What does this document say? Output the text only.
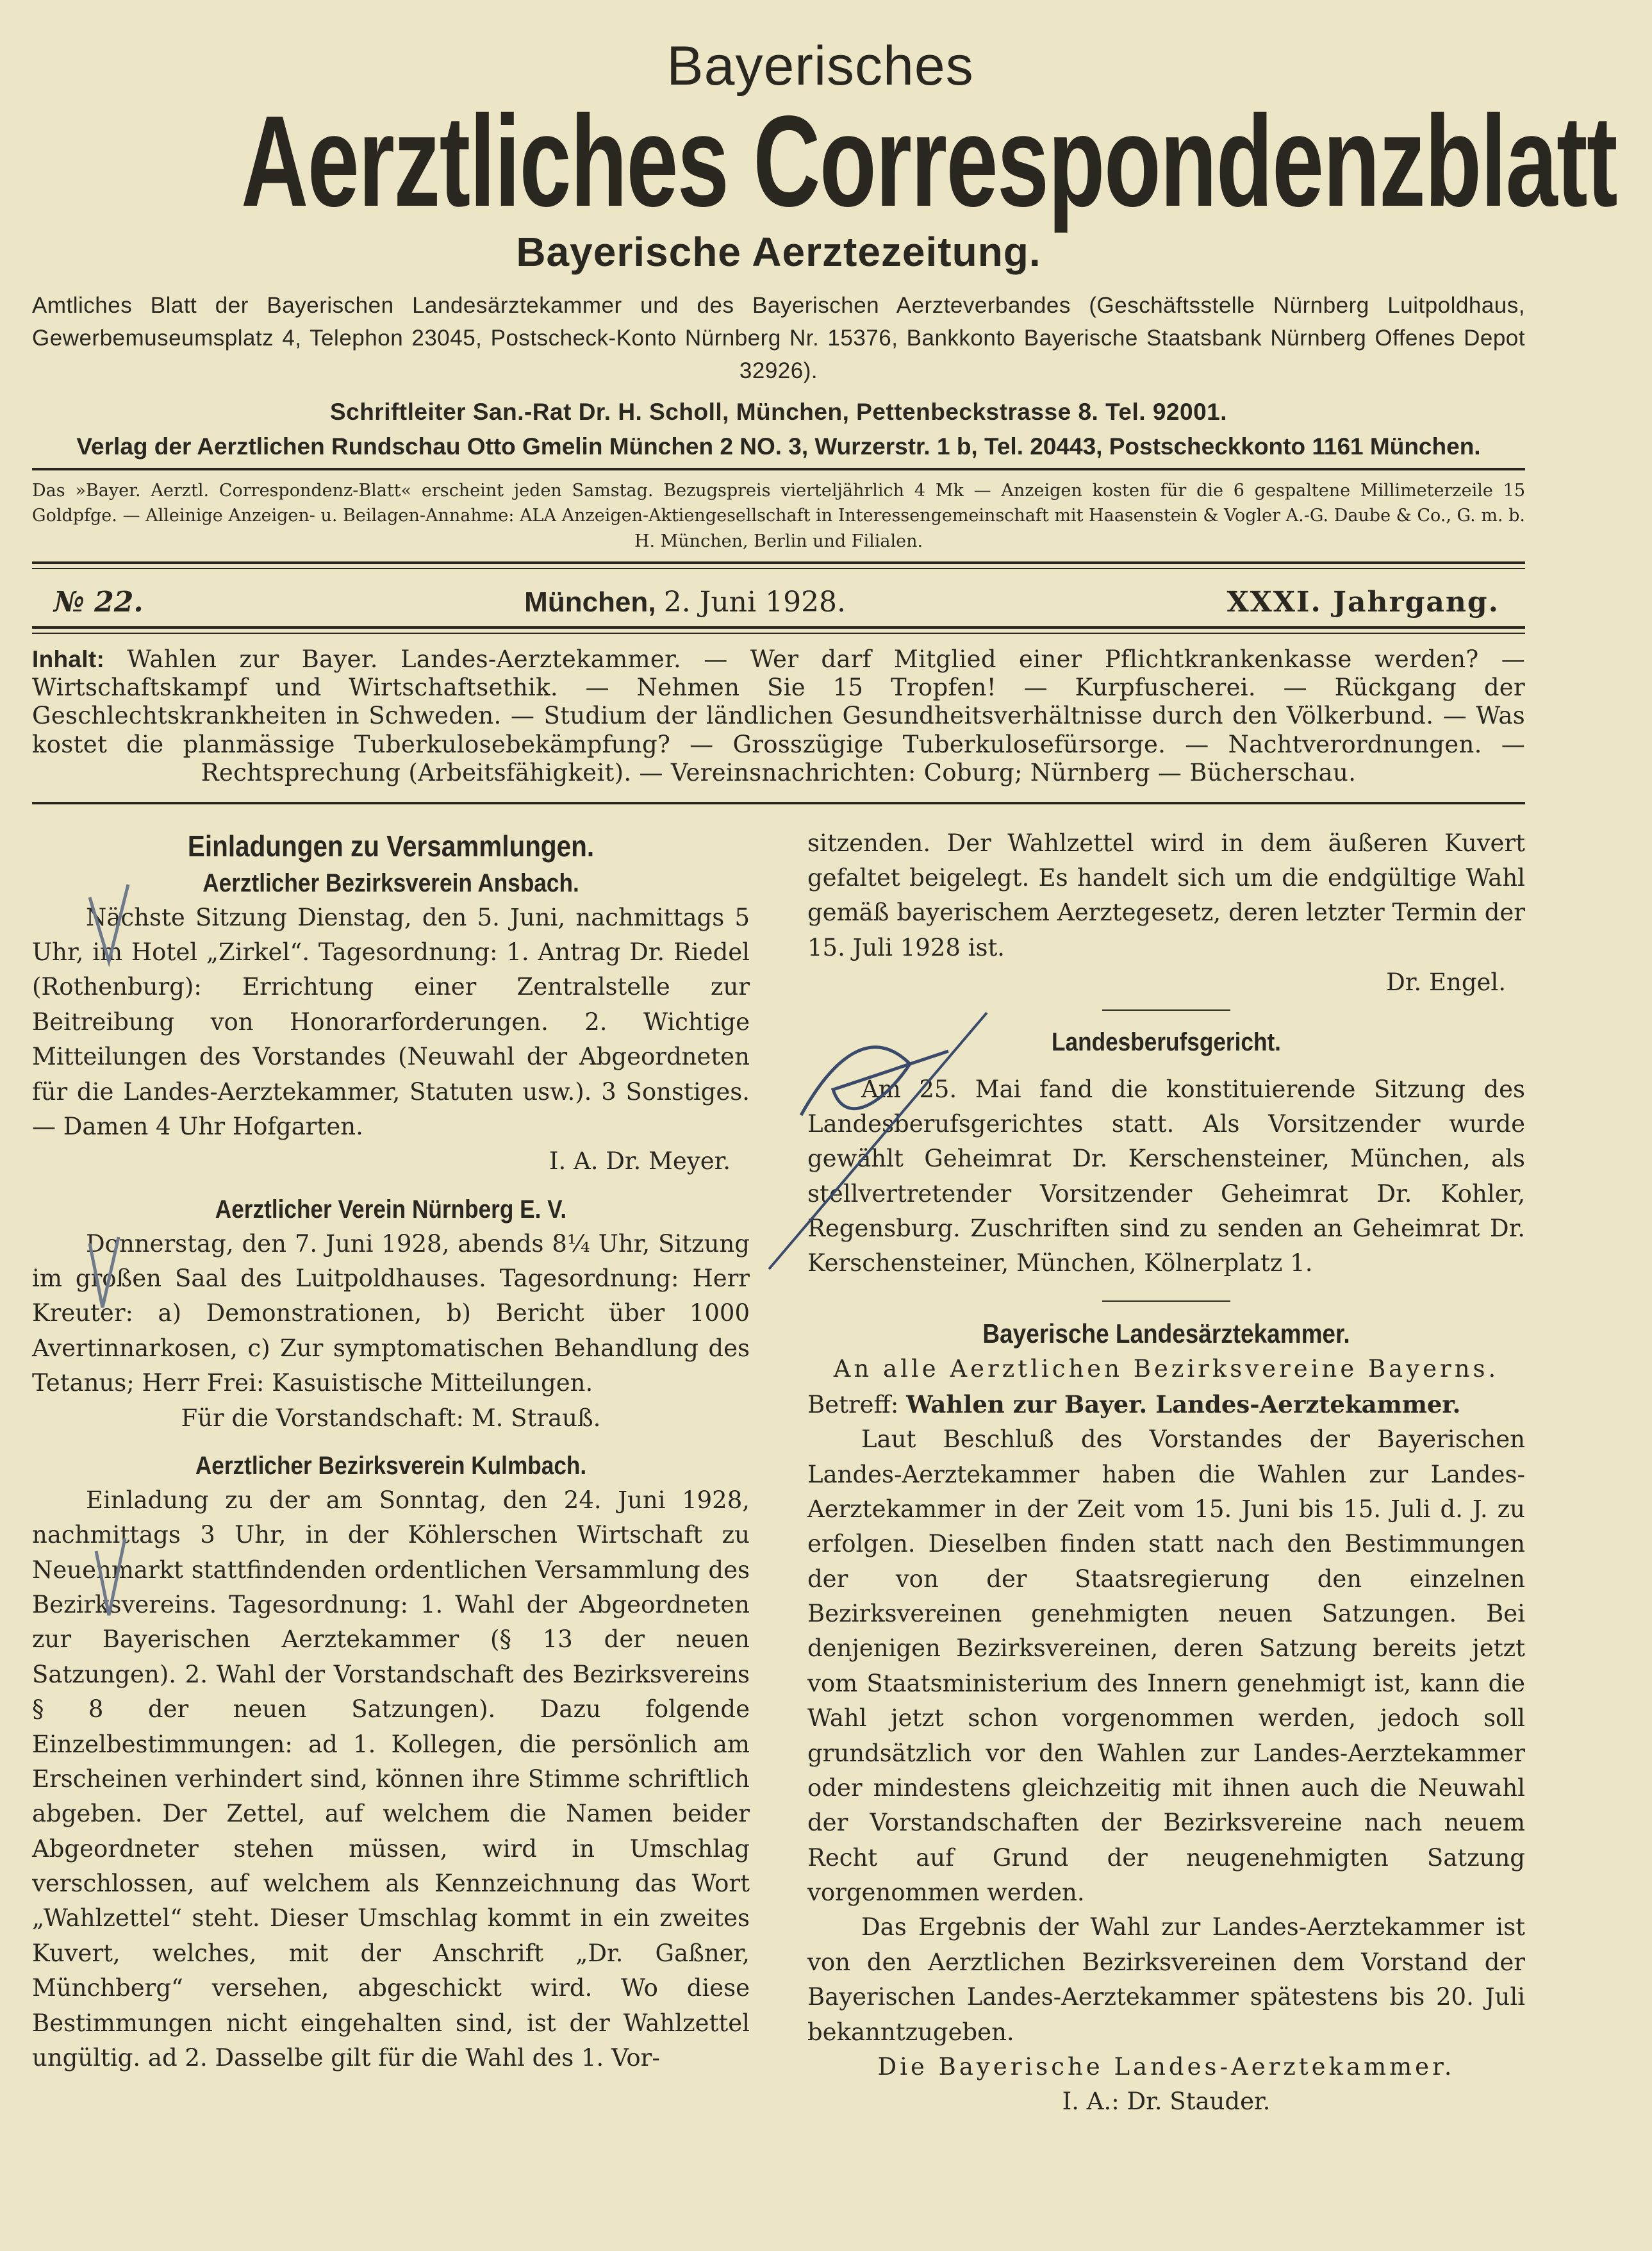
Bayerisches
Aerztliches Correspondenzblatt
Bayerische Aerztezeitung.
Amtliches Blatt der Bayerischen Landesärztekammer und des Bayerischen Aerzteverbandes (Geschäftsstelle Nürnberg Luitpoldhaus, Gewerbemuseumsplatz 4, Telephon 23045, Postscheck-Konto Nürnberg Nr. 15376, Bankkonto Bayerische Staatsbank Nürnberg Offenes Depot 32926).
Schriftleiter San.-Rat Dr. H. Scholl, München, Pettenbeckstrasse 8. Tel. 92001.
Verlag der Aerztlichen Rundschau Otto Gmelin München 2 NO. 3, Wurzerstr. 1 b, Tel. 20443, Postscheckkonto 1161 München.
Das »Bayer. Aerztl. Correspondenz-Blatt« erscheint jeden Samstag. Bezugspreis vierteljährlich 4 Mk — Anzeigen kosten für die 6 gespaltene Millimeterzeile 15 Goldpfge. — Alleinige Anzeigen- u. Beilagen-Annahme: ALA Anzeigen-Aktiengesellschaft in Interessengemeinschaft mit Haasenstein & Vogler A.-G. Daube & Co., G. m. b. H. München, Berlin und Filialen.
№ 22.	München, 2. Juni 1928.	XXXI. Jahrgang.
Inhalt: Wahlen zur Bayer. Landes-Aerztekammer. — Wer darf Mitglied einer Pflichtkrankenkasse werden? — Wirtschaftskampf und Wirtschaftsethik. — Nehmen Sie 15 Tropfen! — Kurpfuscherei. — Rückgang der Geschlechtskrankheiten in Schweden. — Studium der ländlichen Gesundheitsverhältnisse durch den Völkerbund. — Was kostet die planmässige Tuberkulosebekämpfung? — Grosszügige Tuberkulosefürsorge. — Nachtverordnungen. — Rechtsprechung (Arbeitsfähigkeit). — Vereinsnachrichten: Coburg; Nürnberg — Bücherschau.
Einladungen zu Versammlungen.
Aerztlicher Bezirksverein Ansbach.

Nächste Sitzung Dienstag, den 5. Juni, nachmittags 5 Uhr, im Hotel „Zirkel“. Tagesordnung: 1. Antrag Dr. Riedel (Rothenburg): Errichtung einer Zentralstelle zur Beitreibung von Honorarforderungen. 2. Wichtige Mitteilungen des Vorstandes (Neuwahl der Abgeordneten für die Landes-Aerztekammer, Statuten usw.). 3 Sonstiges. — Damen 4 Uhr Hofgarten.

I. A. Dr. Meyer.

Aerztlicher Verein Nürnberg E. V.

Donnerstag, den 7. Juni 1928, abends 8¼ Uhr, Sitzung im großen Saal des Luitpoldhauses. Tagesordnung: Herr Kreuter: a) Demonstrationen, b) Bericht über 1000 Avertinnarkosen, c) Zur symptomatischen Behandlung des Tetanus; Herr Frei: Kasuistische Mitteilungen.

Für die Vorstandschaft: M. Strauß.

Aerztlicher Bezirksverein Kulmbach.

Einladung zu der am Sonntag, den 24. Juni 1928, nachmittags 3 Uhr, in der Köhlerschen Wirtschaft zu Neuenmarkt stattfindenden ordentlichen Versammlung des Bezirksvereins. Tagesordnung: 1. Wahl der Abgeordneten zur Bayerischen Aerztekammer (§ 13 der neuen Satzungen). 2. Wahl der Vorstandschaft des Bezirksvereins § 8 der neuen Satzungen). Dazu folgende Einzelbestimmungen: ad 1. Kollegen, die persönlich am Erscheinen verhindert sind, können ihre Stimme schriftlich abgeben. Der Zettel, auf welchem die Namen beider Abgeordneter stehen müssen, wird in Umschlag verschlossen, auf welchem als Kennzeichnung das Wort „Wahlzettel“ steht. Dieser Umschlag kommt in ein zweites Kuvert, welches, mit der Anschrift „Dr. Gaßner, Münchberg“ versehen, abgeschickt wird. Wo diese Bestimmungen nicht eingehalten sind, ist der Wahlzettel ungültig. ad 2. Dasselbe gilt für die Wahl des 1. Vor-

sitzenden. Der Wahlzettel wird in dem äußeren Kuvert gefaltet beigelegt. Es handelt sich um die endgültige Wahl gemäß bayerischem Aerztegesetz, deren letzter Termin der 15. Juli 1928 ist.

Dr. Engel.

Landesberufsgericht.

Am 25. Mai fand die konstituierende Sitzung des Landesberufsgerichtes statt. Als Vorsitzender wurde gewählt Geheimrat Dr. Kerschensteiner, München, als stellvertretender Vorsitzender Geheimrat Dr. Kohler, Regensburg. Zuschriften sind zu senden an Geheimrat Dr. Kerschensteiner, München, Kölnerplatz 1.

Bayerische Landesärztekammer.

An alle Aerztlichen Bezirksvereine Bayerns.

Betreff: Wahlen zur Bayer. Landes-Aerztekammer.

Laut Beschluß des Vorstandes der Bayerischen Landes-Aerztekammer haben die Wahlen zur Landes-Aerztekammer in der Zeit vom 15. Juni bis 15. Juli d. J. zu erfolgen. Dieselben finden statt nach den Bestimmungen der von der Staatsregierung den einzelnen Bezirksvereinen genehmigten neuen Satzungen. Bei denjenigen Bezirksvereinen, deren Satzung bereits jetzt vom Staatsministerium des Innern genehmigt ist, kann die Wahl jetzt schon vorgenommen werden, jedoch soll grundsätzlich vor den Wahlen zur Landes-Aerztekammer oder mindestens gleichzeitig mit ihnen auch die Neuwahl der Vorstandschaften der Bezirksvereine nach neuem Recht auf Grund der neugenehmigten Satzung vorgenommen werden.

Das Ergebnis der Wahl zur Landes-Aerztekammer ist von den Aerztlichen Bezirksvereinen dem Vorstand der Bayerischen Landes-Aerztekammer spätestens bis 20. Juli bekanntzugeben.

Die Bayerische Landes-Aerztekammer.

I. A.: Dr. Stauder.
